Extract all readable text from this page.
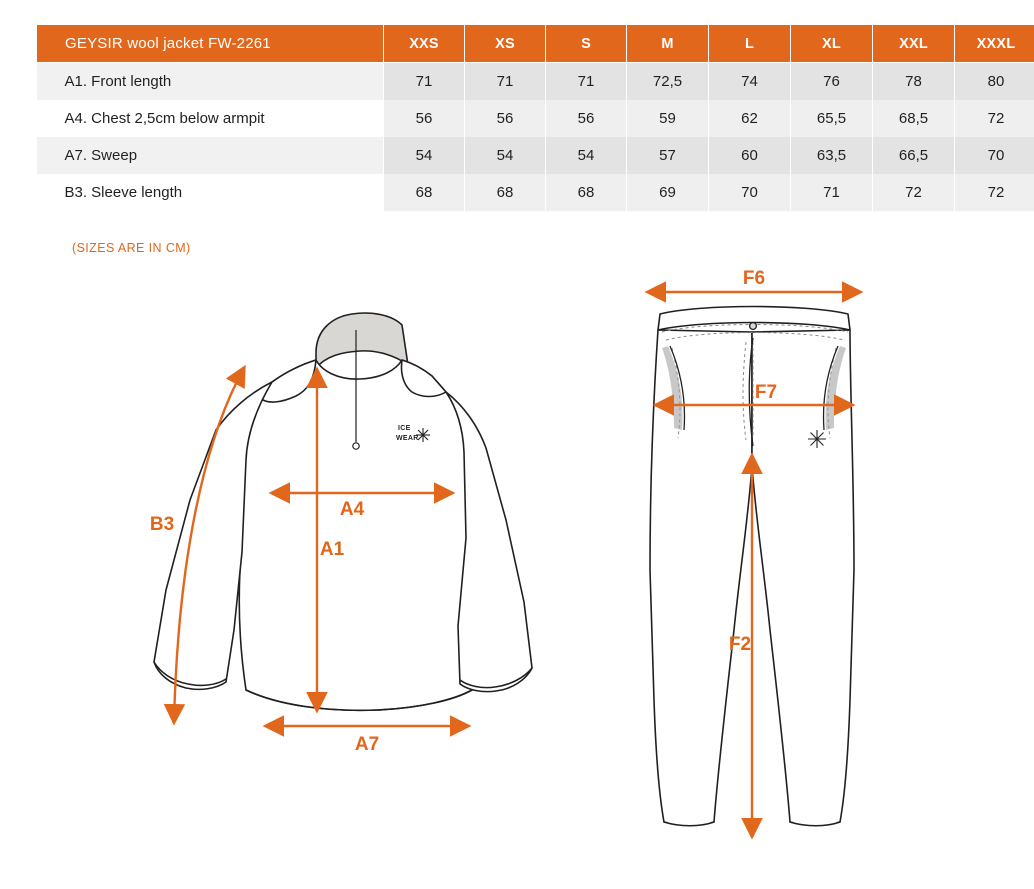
GEYSIR wool jacket FW-2261	XXS	XS	S	M	L	XL	XXL	XXXL
A1. Front length	71	71	71	72,5	74	76	78	80
A4. Chest 2,5cm below armpit	56	56	56	59	62	65,5	68,5	72
A7. Sweep	54	54	54	57	60	63,5	66,5	70
B3. Sleeve length	68	68	68	69	70	71	72	72
(SIZES ARE IN CM)
ICE
WEAR
A4
A1
A7
B3
F6
F7
F2
